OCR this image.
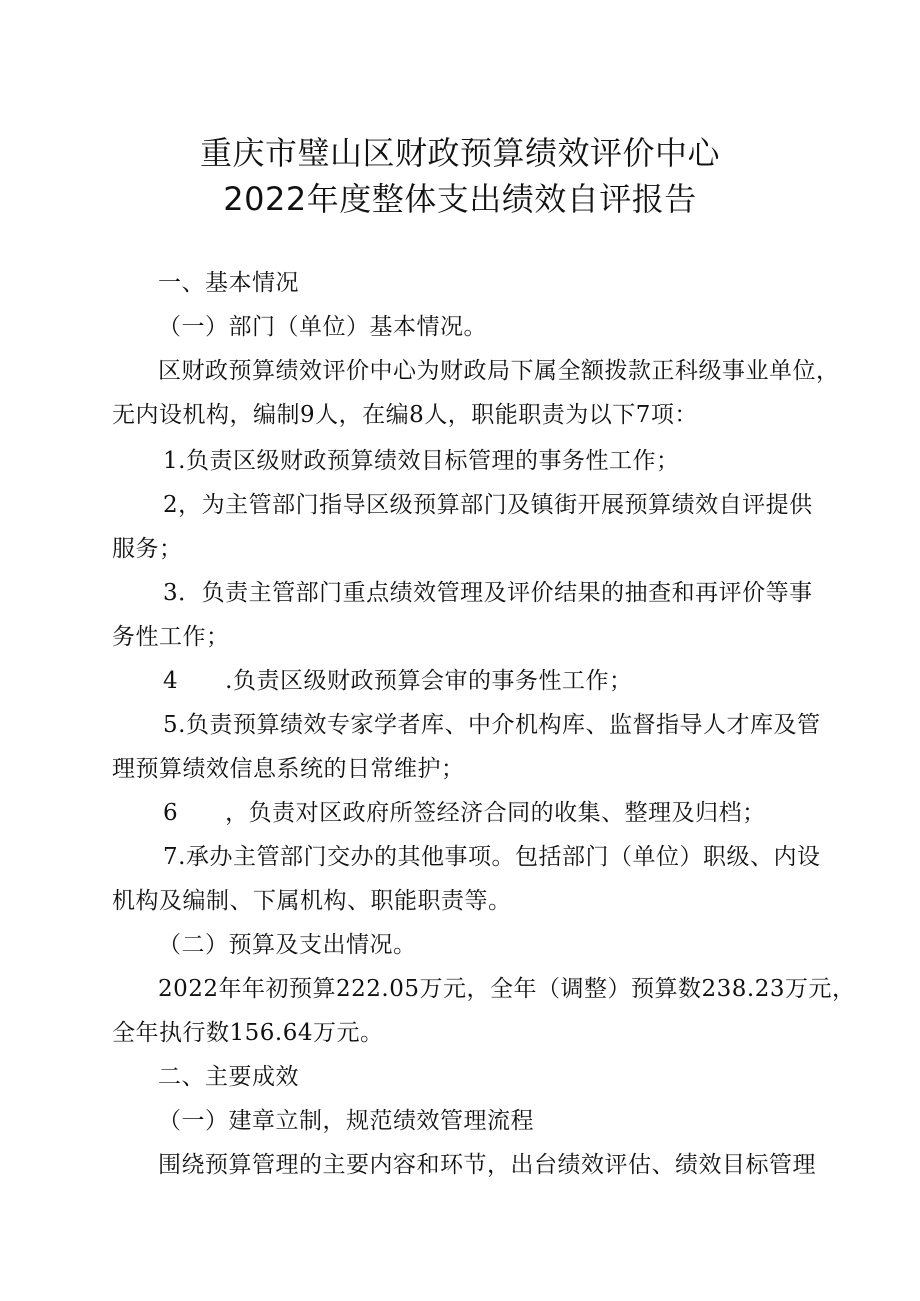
重庆市璧山区财政预算绩效评价中心
2022年度整体支出绩效自评报告
一、基本情况
（一）部门（单位）基本情况。
区财政预算绩效评价中心为财政局下属全额拨款正科级事业单位，
无内设机构，编制9人，在编8人，职能职责为以下7项：
1.负责区级财政预算绩效目标管理的事务性工作；
2，为主管部门指导区级预算部门及镇街开展预算绩效自评提供
服务；
3．负责主管部门重点绩效管理及评价结果的抽查和再评价等事
务性工作；
4　　.负责区级财政预算会审的事务性工作；
5.负责预算绩效专家学者库、中介机构库、监督指导人才库及管
理预算绩效信息系统的日常维护；
6　　，负责对区政府所签经济合同的收集、整理及归档；
7.承办主管部门交办的其他事项。包括部门（单位）职级、内设
机构及编制、下属机构、职能职责等。
（二）预算及支出情况。
2022年年初预算222.05万元，全年（调整）预算数238.23万元，
全年执行数156.64万元。
二、主要成效
（一）建章立制，规范绩效管理流程
围绕预算管理的主要内容和环节，出台绩效评估、绩效目标管理
